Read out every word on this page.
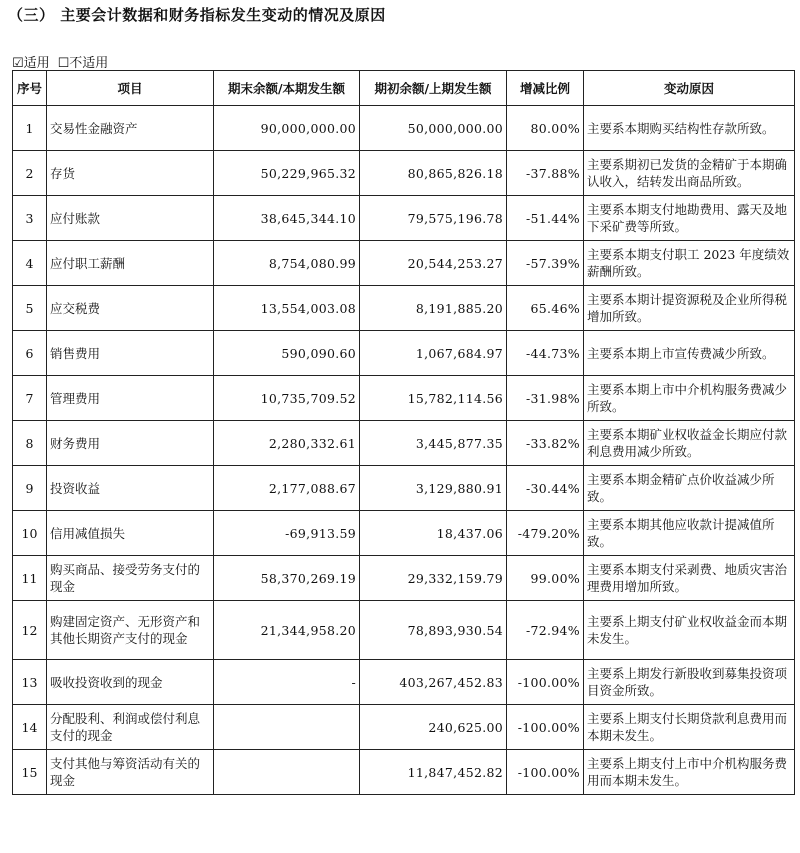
（三） 主要会计数据和财务指标发生变动的情况及原因
☑适用 ☐不适用
序号	项目	期末余额/本期发生额	期初余额/上期发生额	增减比例	变动原因
1	交易性金融资产	90,000,000.00	50,000,000.00	80.00%	主要系本期购买结构性存款所致。
2	存货	50,229,965.32	80,865,826.18	-37.88%	主要系期初已发货的金精矿于本期确认收入，结转发出商品所致。
3	应付账款	38,645,344.10	79,575,196.78	-51.44%	主要系本期支付地勘费用、露天及地下采矿费等所致。
4	应付职工薪酬	8,754,080.99	20,544,253.27	-57.39%	主要系本期支付职工 2023 年度绩效薪酬所致。
5	应交税费	13,554,003.08	8,191,885.20	65.46%	主要系本期计提资源税及企业所得税增加所致。
6	销售费用	590,090.60	1,067,684.97	-44.73%	主要系本期上市宣传费减少所致。
7	管理费用	10,735,709.52	15,782,114.56	-31.98%	主要系本期上市中介机构服务费减少所致。
8	财务费用	2,280,332.61	3,445,877.35	-33.82%	主要系本期矿业权收益金长期应付款利息费用减少所致。
9	投资收益	2,177,088.67	3,129,880.91	-30.44%	主要系本期金精矿点价收益减少所致。
10	信用减值损失	-69,913.59	18,437.06	-479.20%	主要系本期其他应收款计提减值所致。
11	购买商品、接受劳务支付的现金	58,370,269.19	29,332,159.79	99.00%	主要系本期支付采剥费、地质灾害治理费用增加所致。
12	购建固定资产、无形资产和其他长期资产支付的现金	21,344,958.20	78,893,930.54	-72.94%	主要系上期支付矿业权收益金而本期未发生。
13	吸收投资收到的现金	-	403,267,452.83	-100.00%	主要系上期发行新股收到募集投资项目资金所致。
14	分配股利、利润或偿付利息支付的现金		240,625.00	-100.00%	主要系上期支付长期贷款利息费用而本期未发生。
15	支付其他与筹资活动有关的现金		11,847,452.82	-100.00%	主要系上期支付上市中介机构服务费用而本期未发生。
